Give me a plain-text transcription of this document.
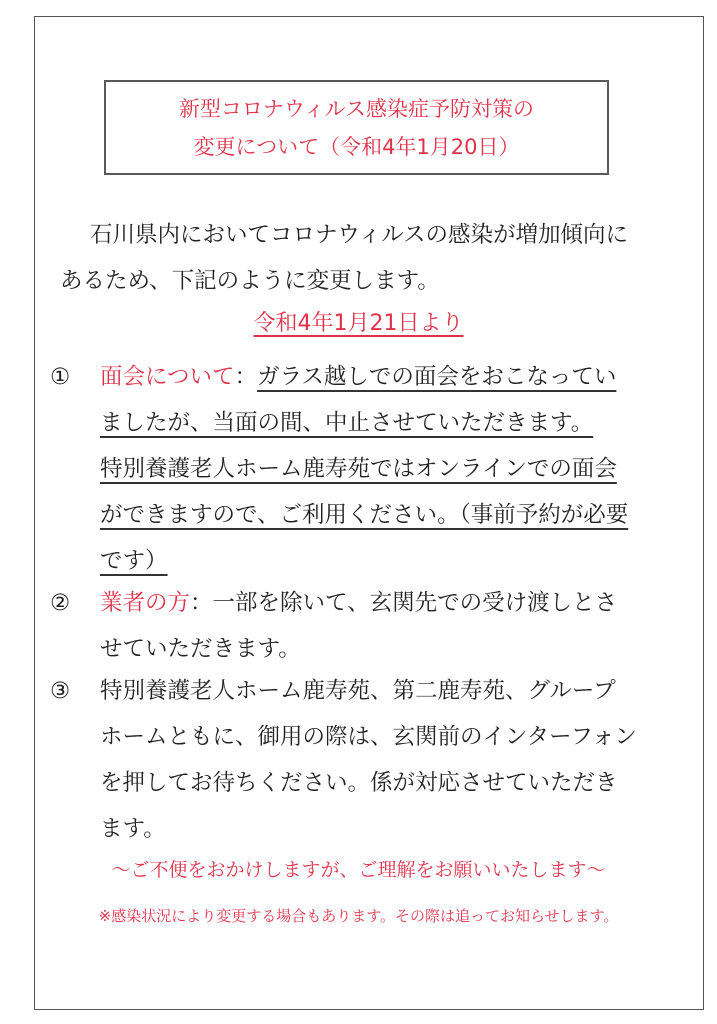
新型コロナウィルス感染症予防対策の
変更について（令和4年1月20日）
石川県内においてコロナウィルスの感染が増加傾向に
あるため、下記のように変更します。
令和4年1月21日より
①	面会について：ガラス越しでの面会をおこなってい
ましたが、当面の間、中止させていただきます。
特別養護老人ホーム鹿寿苑ではオンラインでの面会
ができますので、ご利用ください。（事前予約が必要
です）
②	業者の方：一部を除いて、玄関先での受け渡しとさ
せていただきます。
③	特別養護老人ホーム鹿寿苑、第二鹿寿苑、グループ
ホームともに、御用の際は、玄関前のインターフォン
を押してお待ちください。係が対応させていただき
ます。
～ご不便をおかけしますが、ご理解をお願いいたします～
※感染状況により変更する場合もあります。その際は追ってお知らせします。
